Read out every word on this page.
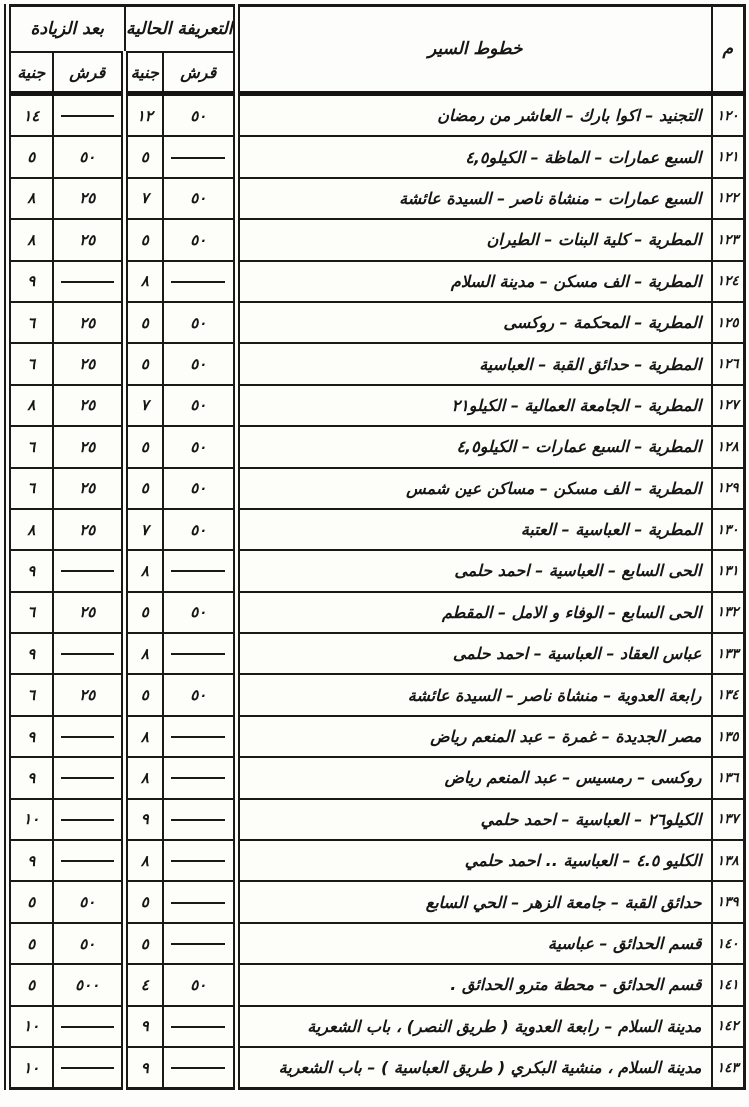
م	خطوط السير	التعريفة الحالية		بعد الزيادة	
		قرش	جنية	قرش	جنية
١٢٠	التجنيد – اكوا بارك – العاشر من رمضان	٥٠	١٢		١٤
١٢١	السبع عمارات – الماظة – الكيلو٤,٥		٥	٥٠	٥
١٢٢	السبع عمارات – منشاة ناصر – السيدة عائشة	٥٠	٧	٢٥	٨
١٢٣	المطرية – كلية البنات – الطيران	٥٠	٥	٢٥	٨
١٢٤	المطرية – الف مسكن – مدينة السلام		٨		٩
١٢٥	المطرية – المحكمة – روكسى	٥٠	٥	٢٥	٦
١٢٦	المطرية – حدائق القبة – العباسية	٥٠	٥	٢٥	٦
١٢٧	المطرية – الجامعة العمالية – الكيلو٢١	٥٠	٧	٢٥	٨
١٢٨	المطرية – السبع عمارات – الكيلو٤,٥	٥٠	٥	٢٥	٦
١٢٩	المطرية – الف مسكن – مساكن عين شمس	٥٠	٥	٢٥	٦
١٣٠	المطرية – العباسية – العتبة	٥٠	٧	٢٥	٨
١٣١	الحى السابع – العباسية – احمد حلمى		٨		٩
١٣٢	الحى السابع – الوفاء و الامل – المقطم	٥٠	٥	٢٥	٦
١٣٣	عباس العقاد – العباسية – احمد حلمى		٨		٩
١٣٤	رابعة العدوية – منشاة ناصر – السيدة عائشة	٥٠	٥	٢٥	٦
١٣٥	مصر الجديدة – غمرة – عبد المنعم رياض		٨		٩
١٣٦	روكسى – رمسيس – عبد المنعم رياض		٨		٩
١٣٧	الكيلو٢٦ – العباسية – احمد حلمي		٩		١٠
١٣٨	الكليو ٤.٥ – العباسية .. احمد حلمي		٨		٩
١٣٩	حدائق القبة – جامعة الزهر – الحي السابع		٥	٥٠	٥
١٤٠	قسم الحدائق – عباسية		٥	٥٠	٥
١٤١	قسم الحدائق – محطة مترو الحدائق .	٥٠	٤	٥٠٠	٥
١٤٢	مدينة السلام – رابعة العدوية ( طريق النصر) ، باب الشعرية		٩		١٠
١٤٣	مدينة السلام ، منشية البكري ( طريق العباسية ) – باب الشعرية		٩		١٠
